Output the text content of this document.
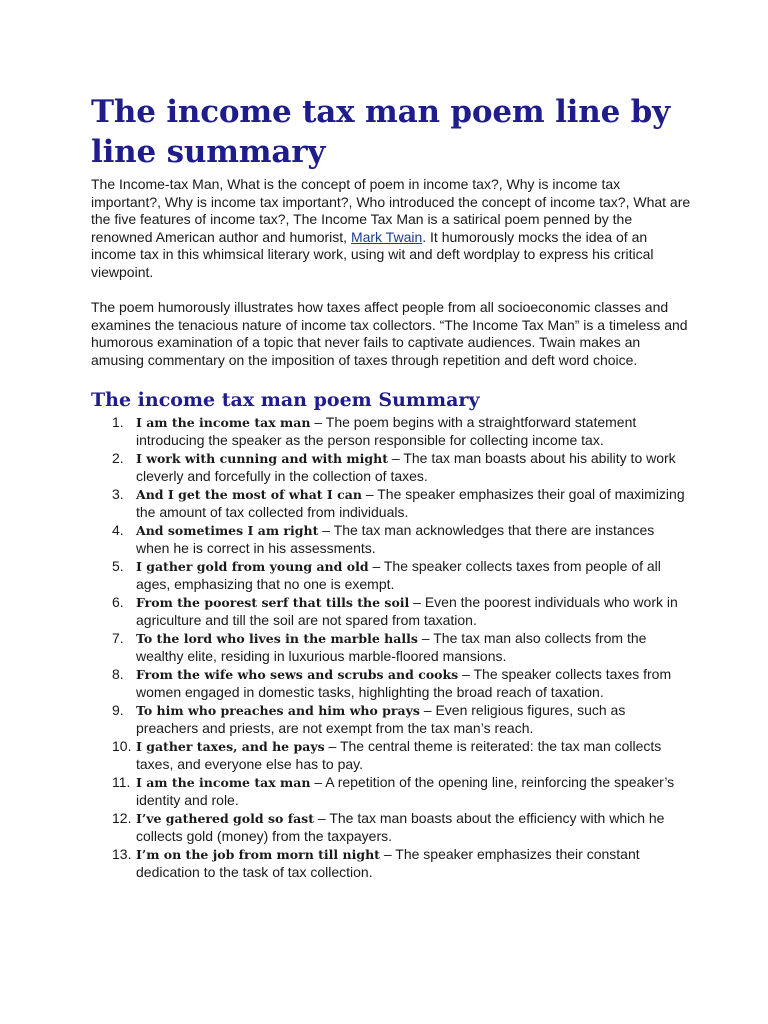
The income tax man poem line by line summary

The Income-tax Man, What is the concept of poem in income tax?, Why is income tax important?, Why is income tax important?, Who introduced the concept of income tax?, What are the five features of income tax?, The Income Tax Man is a satirical poem penned by the renowned American author and humorist, Mark Twain. It humorously mocks the idea of an income tax in this whimsical literary work, using wit and deft wordplay to express his critical viewpoint.

The poem humorously illustrates how taxes affect people from all socioeconomic classes and examines the tenacious nature of income tax collectors. “The Income Tax Man” is a timeless and humorous examination of a topic that never fails to captivate audiences. Twain makes an amusing commentary on the imposition of taxes through repetition and deft word choice.

The income tax man poem Summary
1. I am the income tax man – The poem begins with a straightforward statement introducing the speaker as the person responsible for collecting income tax.
2. I work with cunning and with might – The tax man boasts about his ability to work cleverly and forcefully in the collection of taxes.
3. And I get the most of what I can – The speaker emphasizes their goal of maximizing the amount of tax collected from individuals.
4. And sometimes I am right – The tax man acknowledges that there are instances when he is correct in his assessments.
5. I gather gold from young and old – The speaker collects taxes from people of all ages, emphasizing that no one is exempt.
6. From the poorest serf that tills the soil – Even the poorest individuals who work in agriculture and till the soil are not spared from taxation.
7. To the lord who lives in the marble halls – The tax man also collects from the wealthy elite, residing in luxurious marble-floored mansions.
8. From the wife who sews and scrubs and cooks – The speaker collects taxes from women engaged in domestic tasks, highlighting the broad reach of taxation.
9. To him who preaches and him who prays – Even religious figures, such as preachers and priests, are not exempt from the tax man’s reach.
10. I gather taxes, and he pays – The central theme is reiterated: the tax man collects taxes, and everyone else has to pay.
11. I am the income tax man – A repetition of the opening line, reinforcing the speaker’s identity and role.
12. I’ve gathered gold so fast – The tax man boasts about the efficiency with which he collects gold (money) from the taxpayers.
13. I’m on the job from morn till night – The speaker emphasizes their constant dedication to the task of tax collection.
